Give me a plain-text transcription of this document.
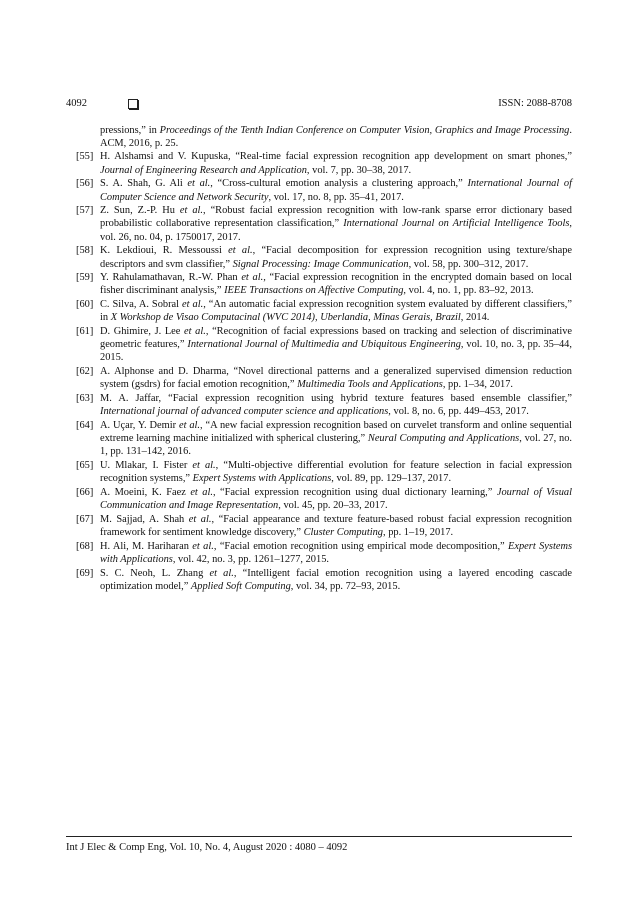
4092	ISSN: 2088-8708
pressions,” in Proceedings of the Tenth Indian Conference on Computer Vision, Graphics and Image Processing. ACM, 2016, p. 25.
[55] H. Alshamsi and V. Kupuska, “Real-time facial expression recognition app development on smart phones,” Journal of Engineering Research and Application, vol. 7, pp. 30–38, 2017.
[56] S. A. Shah, G. Ali et al., “Cross-cultural emotion analysis a clustering approach,” International Journal of Computer Science and Network Security, vol. 17, no. 8, pp. 35–41, 2017.
[57] Z. Sun, Z.-P. Hu et al., “Robust facial expression recognition with low-rank sparse error dictionary based probabilistic collaborative representation classification,” International Journal on Artificial Intelligence Tools, vol. 26, no. 04, p. 1750017, 2017.
[58] K. Lekdioui, R. Messoussi et al., “Facial decomposition for expression recognition using texture/shape descriptors and svm classifier,” Signal Processing: Image Communication, vol. 58, pp. 300–312, 2017.
[59] Y. Rahulamathavan, R.-W. Phan et al., “Facial expression recognition in the encrypted domain based on local fisher discriminant analysis,” IEEE Transactions on Affective Computing, vol. 4, no. 1, pp. 83–92, 2013.
[60] C. Silva, A. Sobral et al., “An automatic facial expression recognition system evaluated by different classifiers,” in X Workshop de Visao Computacinal (WVC 2014), Uberlandia, Minas Gerais, Brazil, 2014.
[61] D. Ghimire, J. Lee et al., “Recognition of facial expressions based on tracking and selection of discriminative geometric features,” International Journal of Multimedia and Ubiquitous Engineering, vol. 10, no. 3, pp. 35–44, 2015.
[62] A. Alphonse and D. Dharma, “Novel directional patterns and a generalized supervised dimension reduction system (gsdrs) for facial emotion recognition,” Multimedia Tools and Applications, pp. 1–34, 2017.
[63] M. A. Jaffar, “Facial expression recognition using hybrid texture features based ensemble classifier,” International journal of advanced computer science and applications, vol. 8, no. 6, pp. 449–453, 2017.
[64] A. Uçar, Y. Demir et al., “A new facial expression recognition based on curvelet transform and online sequential extreme learning machine initialized with spherical clustering,” Neural Computing and Applications, vol. 27, no. 1, pp. 131–142, 2016.
[65] U. Mlakar, I. Fister et al., “Multi-objective differential evolution for feature selection in facial expression recognition systems,” Expert Systems with Applications, vol. 89, pp. 129–137, 2017.
[66] A. Moeini, K. Faez et al., “Facial expression recognition using dual dictionary learning,” Journal of Visual Communication and Image Representation, vol. 45, pp. 20–33, 2017.
[67] M. Sajjad, A. Shah et al., “Facial appearance and texture feature-based robust facial expression recognition framework for sentiment knowledge discovery,” Cluster Computing, pp. 1–19, 2017.
[68] H. Ali, M. Hariharan et al., “Facial emotion recognition using empirical mode decomposition,” Expert Systems with Applications, vol. 42, no. 3, pp. 1261–1277, 2015.
[69] S. C. Neoh, L. Zhang et al., “Intelligent facial emotion recognition using a layered encoding cascade optimization model,” Applied Soft Computing, vol. 34, pp. 72–93, 2015.
Int J Elec & Comp Eng, Vol. 10, No. 4, August 2020 : 4080 – 4092
